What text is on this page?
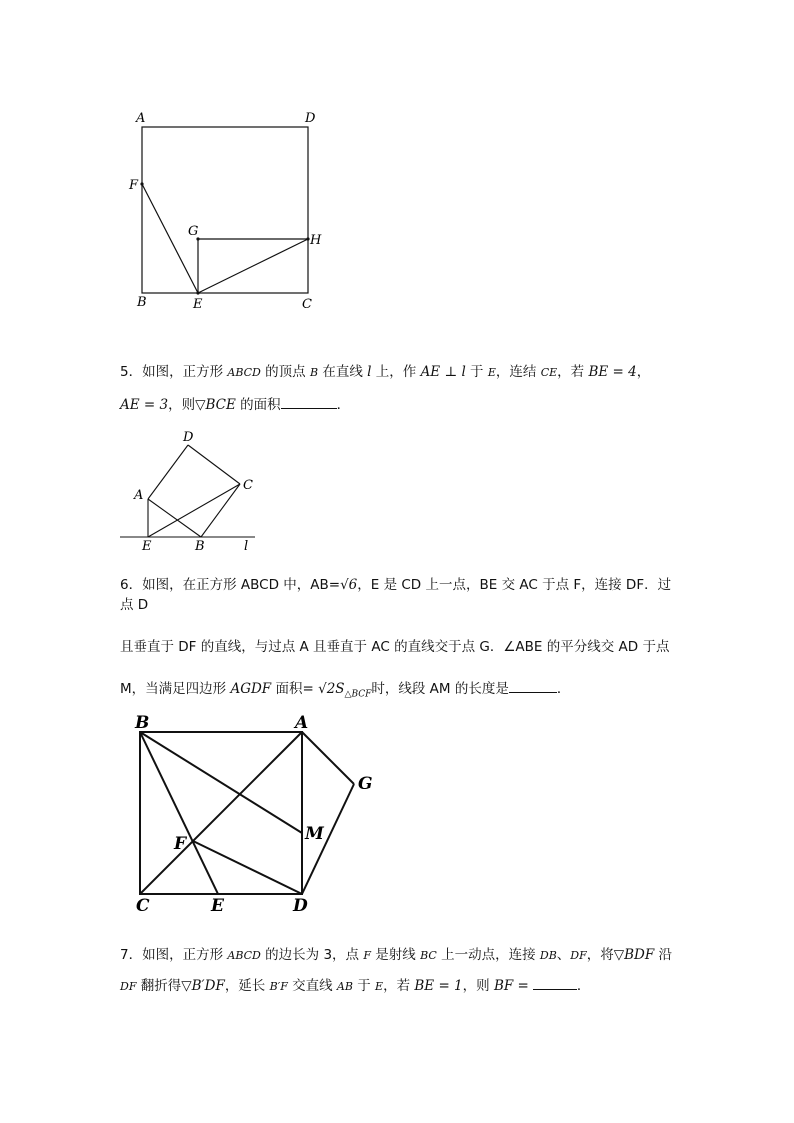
A	D
F
G
H
B	E	C
5．如图，正方形 ABCD 的顶点 B 在直线 l 上，作 AE ⊥ l 于 E，连结 CE，若 BE = 4，
AE = 3，则▽BCE 的面积	．
D
A
C
E	B	l
6．如图，在正方形 ABCD 中，AB=√6，E 是 CD 上一点，BE 交 AC 于点 F，连接 DF．过点 D
且垂直于 DF 的直线，与过点 A 且垂直于 AC 的直线交于点 G．∠ABE 的平分线交 AD 于点
M，当满足四边形 AGDF 面积= $√2S_{\triangle BCF}$时，线段 AM 的长度是	．
B	A
G
M
F
C	E	D
7．如图，正方形 ABCD 的边长为 3，点 F 是射线 BC 上一动点，连接 DB、DF，将▽BDF 沿
DF 翻折得▽B′DF，延长 B′F 交直线 AB 于 E，若 BE = 1，则 BF =	．
